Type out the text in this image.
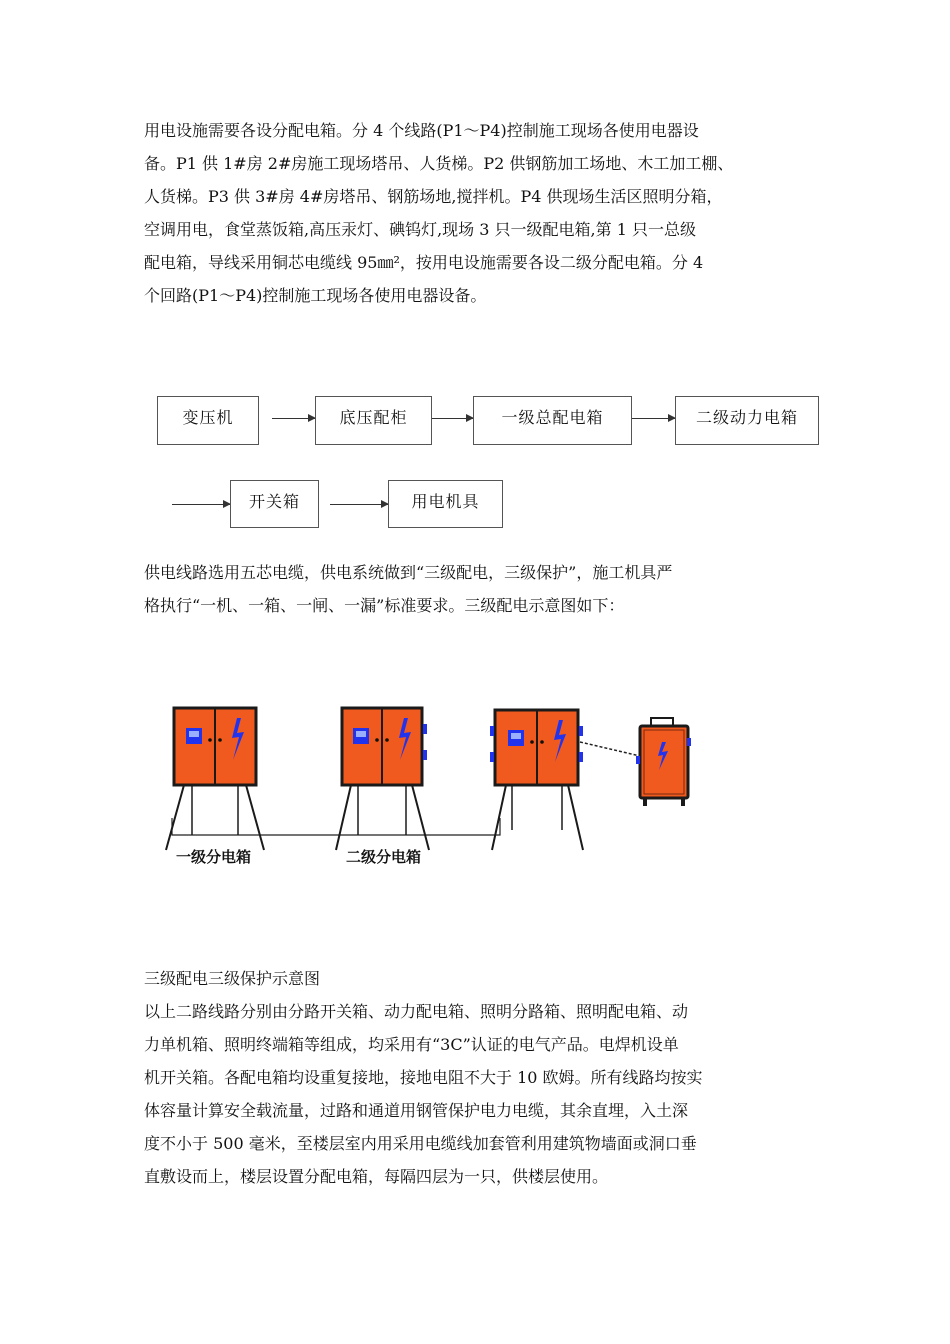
用电设施需要各设分配电箱。分 4 个线路(P1～P4)控制施工现场各使用电器设
备。P1 供 1#房 2#房施工现场塔吊、人货梯。P2 供钢筋加工场地、木工加工棚、
人货梯。P3 供 3#房 4#房塔吊、钢筋场地,搅拌机。P4 供现场生活区照明分箱，
空调用电，食堂蒸饭箱,高压汞灯、碘钨灯,现场 3 只一级配电箱,第 1 只一总级
配电箱，导线采用铜芯电缆线 95㎜²，按用电设施需要各设二级分配电箱。分 4
个回路(P1～P4)控制施工现场各使用电器设备。
变压机	底压配柜	一级总配电箱	二级动力电箱
开关箱	用电机具
供电线路选用五芯电缆，供电系统做到“三级配电，三级保护”，施工机具严
格执行“一机、一箱、一闸、一漏”标准要求。三级配电示意图如下：
一级分电箱	二级分电箱
三级配电三级保护示意图
以上二路线路分别由分路开关箱、动力配电箱、照明分路箱、照明配电箱、动
力单机箱、照明终端箱等组成，均采用有“3C”认证的电气产品。电焊机设单
机开关箱。各配电箱均设重复接地，接地电阻不大于 10 欧姆。所有线路均按实
体容量计算安全载流量，过路和通道用钢管保护电力电缆，其余直埋，入土深
度不小于 500 毫米，至楼层室内用采用电缆线加套管利用建筑物墙面或洞口垂
直敷设而上，楼层设置分配电箱，每隔四层为一只，供楼层使用。
